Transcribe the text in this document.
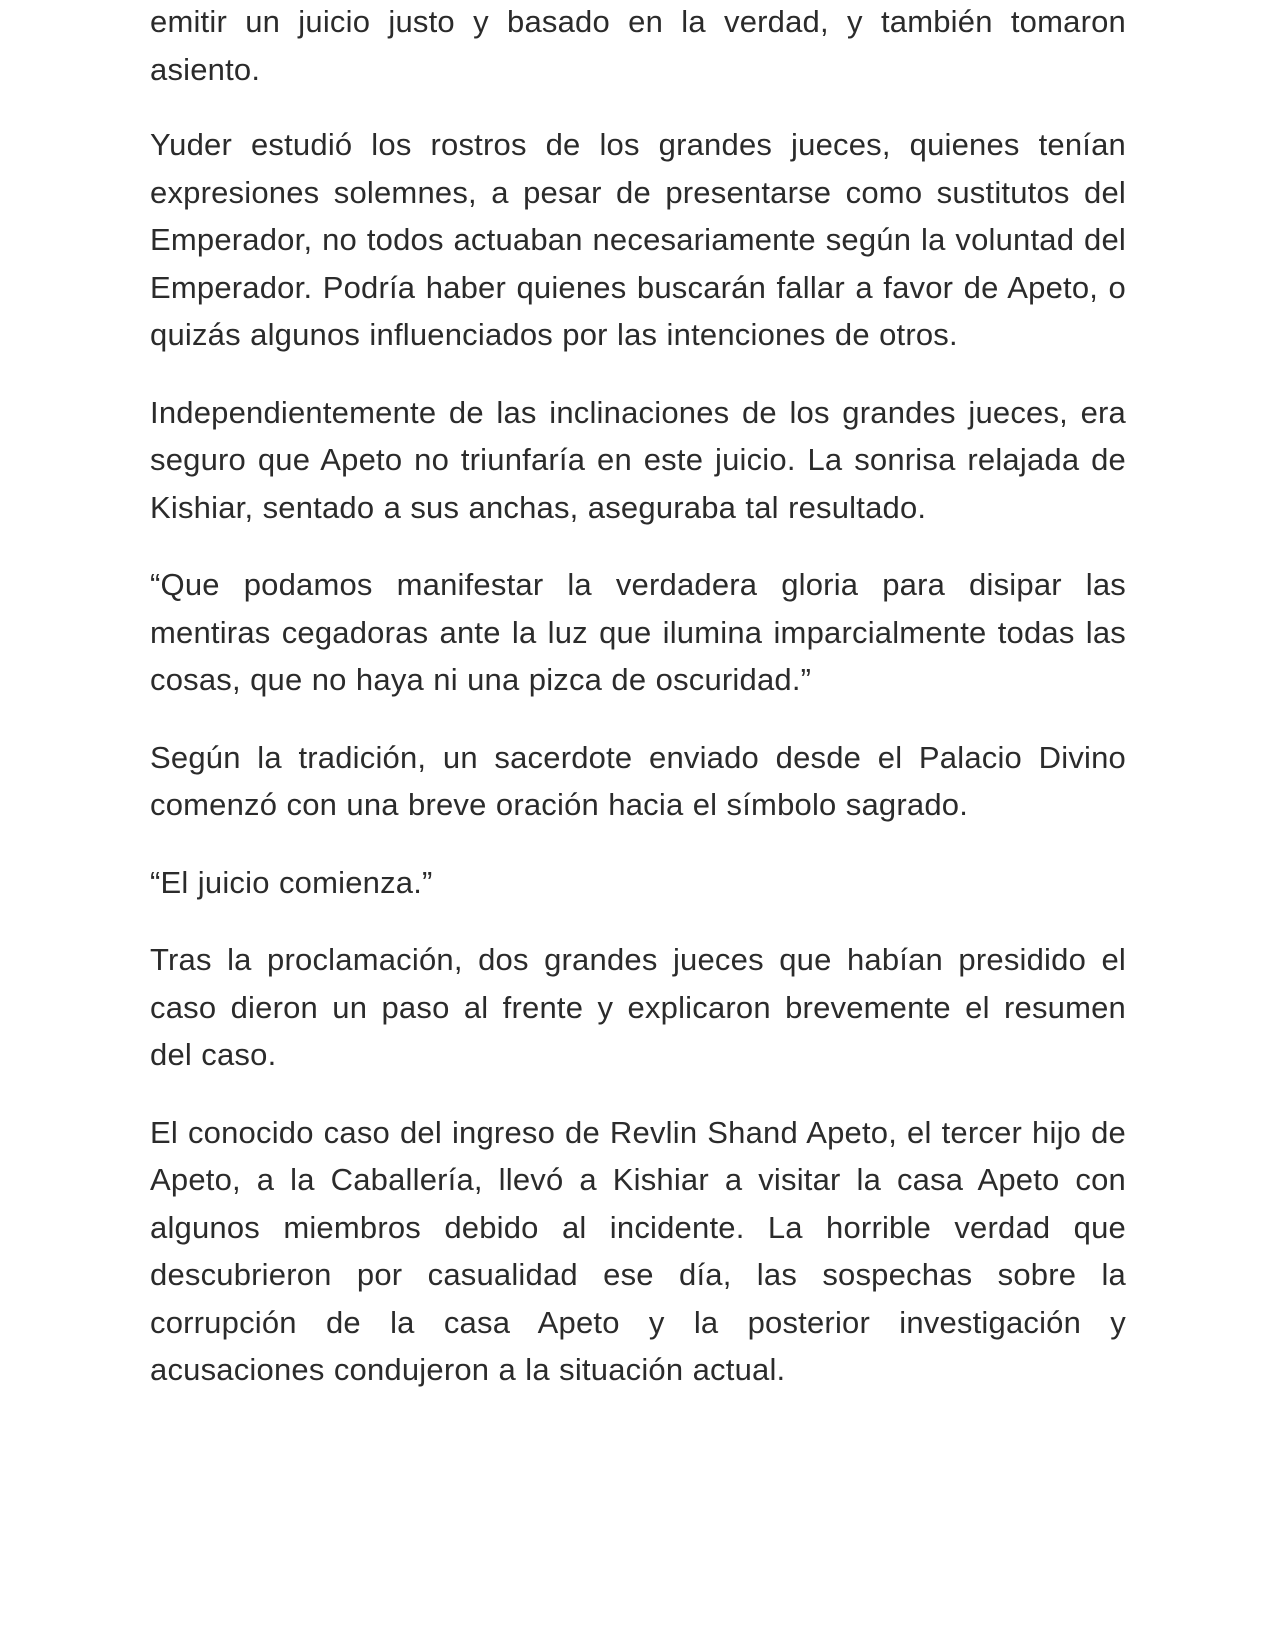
emitir un juicio justo y basado en la verdad, y también tomaron asiento.

Yuder estudió los rostros de los grandes jueces, quienes tenían expresiones solemnes, a pesar de presentarse como sustitutos del Emperador, no todos actuaban necesariamente según la voluntad del Emperador. Podría haber quienes buscarán fallar a favor de Apeto, o quizás algunos influenciados por las intenciones de otros.

Independientemente de las inclinaciones de los grandes jueces, era seguro que Apeto no triunfaría en este juicio. La sonrisa relajada de Kishiar, sentado a sus anchas, aseguraba tal resultado.

“Que podamos manifestar la verdadera gloria para disipar las mentiras cegadoras ante la luz que ilumina imparcialmente todas las cosas, que no haya ni una pizca de oscuridad.”

Según la tradición, un sacerdote enviado desde el Palacio Divino comenzó con una breve oración hacia el símbolo sagrado.

“El juicio comienza.”

Tras la proclamación, dos grandes jueces que habían presidido el caso dieron un paso al frente y explicaron brevemente el resumen del caso.

El conocido caso del ingreso de Revlin Shand Apeto, el tercer hijo de Apeto, a la Caballería, llevó a Kishiar a visitar la casa Apeto con algunos miembros debido al incidente. La horrible verdad que descubrieron por casualidad ese día, las sospechas sobre la corrupción de la casa Apeto y la posterior investigación y acusaciones condujeron a la situación actual.
